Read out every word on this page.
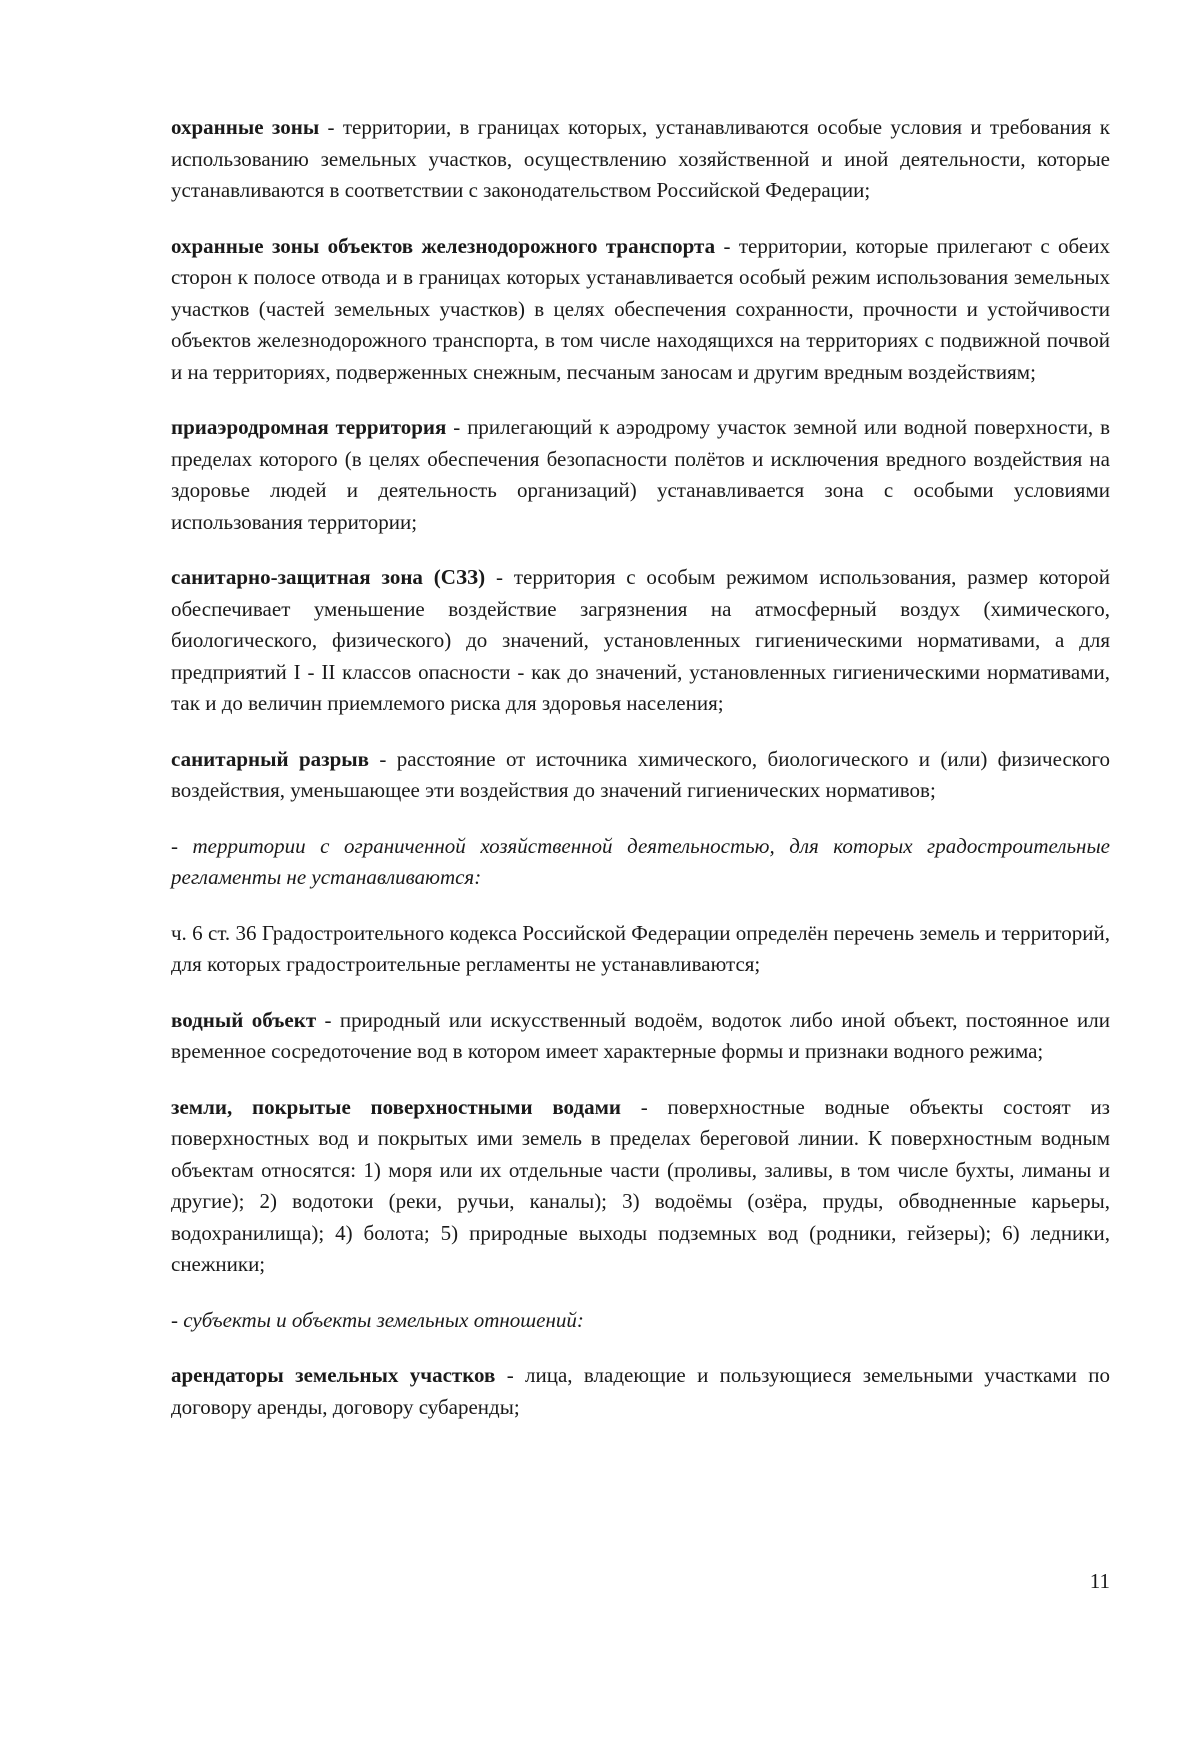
охранные зоны - территории, в границах которых, устанавливаются особые условия и требования к использованию земельных участков, осуществлению хозяйственной и иной деятельности, которые устанавливаются в соответствии с законодательством Российской Федерации;

охранные зоны объектов железнодорожного транспорта - территории, которые прилегают с обеих сторон к полосе отвода и в границах которых устанавливается особый режим использования земельных участков (частей земельных участков) в целях обеспечения сохранности, прочности и устойчивости объектов железнодорожного транспорта, в том числе находящихся на территориях с подвижной почвой и на территориях, подверженных снежным, песчаным заносам и другим вредным воздействиям;

приаэродромная территория - прилегающий к аэродрому участок земной или водной поверхности, в пределах которого (в целях обеспечения безопасности полётов и исключения вредного воздействия на здоровье людей и деятельность организаций) устанавливается зона с особыми условиями использования территории;

санитарно-защитная зона (СЗЗ) - территория с особым режимом использования, размер которой обеспечивает уменьшение воздействие загрязнения на атмосферный воздух (химического, биологического, физического) до значений, установленных гигиеническими нормативами, а для предприятий I - II классов опасности - как до значений, установленных гигиеническими нормативами, так и до величин приемлемого риска для здоровья населения;

санитарный разрыв - расстояние от источника химического, биологического и (или) физического воздействия, уменьшающее эти воздействия до значений гигиенических нормативов;

- территории с ограниченной хозяйственной деятельностью, для которых градостроительные регламенты не устанавливаются:

ч. 6 ст. 36 Градостроительного кодекса Российской Федерации определён перечень земель и территорий, для которых градостроительные регламенты не устанавливаются;

водный объект - природный или искусственный водоём, водоток либо иной объект, постоянное или временное сосредоточение вод в котором имеет характерные формы и признаки водного режима;

земли, покрытые поверхностными водами - поверхностные водные объекты состоят из поверхностных вод и покрытых ими земель в пределах береговой линии. К поверхностным водным объектам относятся: 1) моря или их отдельные части (проливы, заливы, в том числе бухты, лиманы и другие); 2) водотоки (реки, ручьи, каналы); 3) водоёмы (озёра, пруды, обводненные карьеры, водохранилища); 4) болота; 5) природные выходы подземных вод (родники, гейзеры); 6) ледники, снежники;

- субъекты и объекты земельных отношений:

арендаторы земельных участков - лица, владеющие и пользующиеся земельными участками по договору аренды, договору субаренды;

11
